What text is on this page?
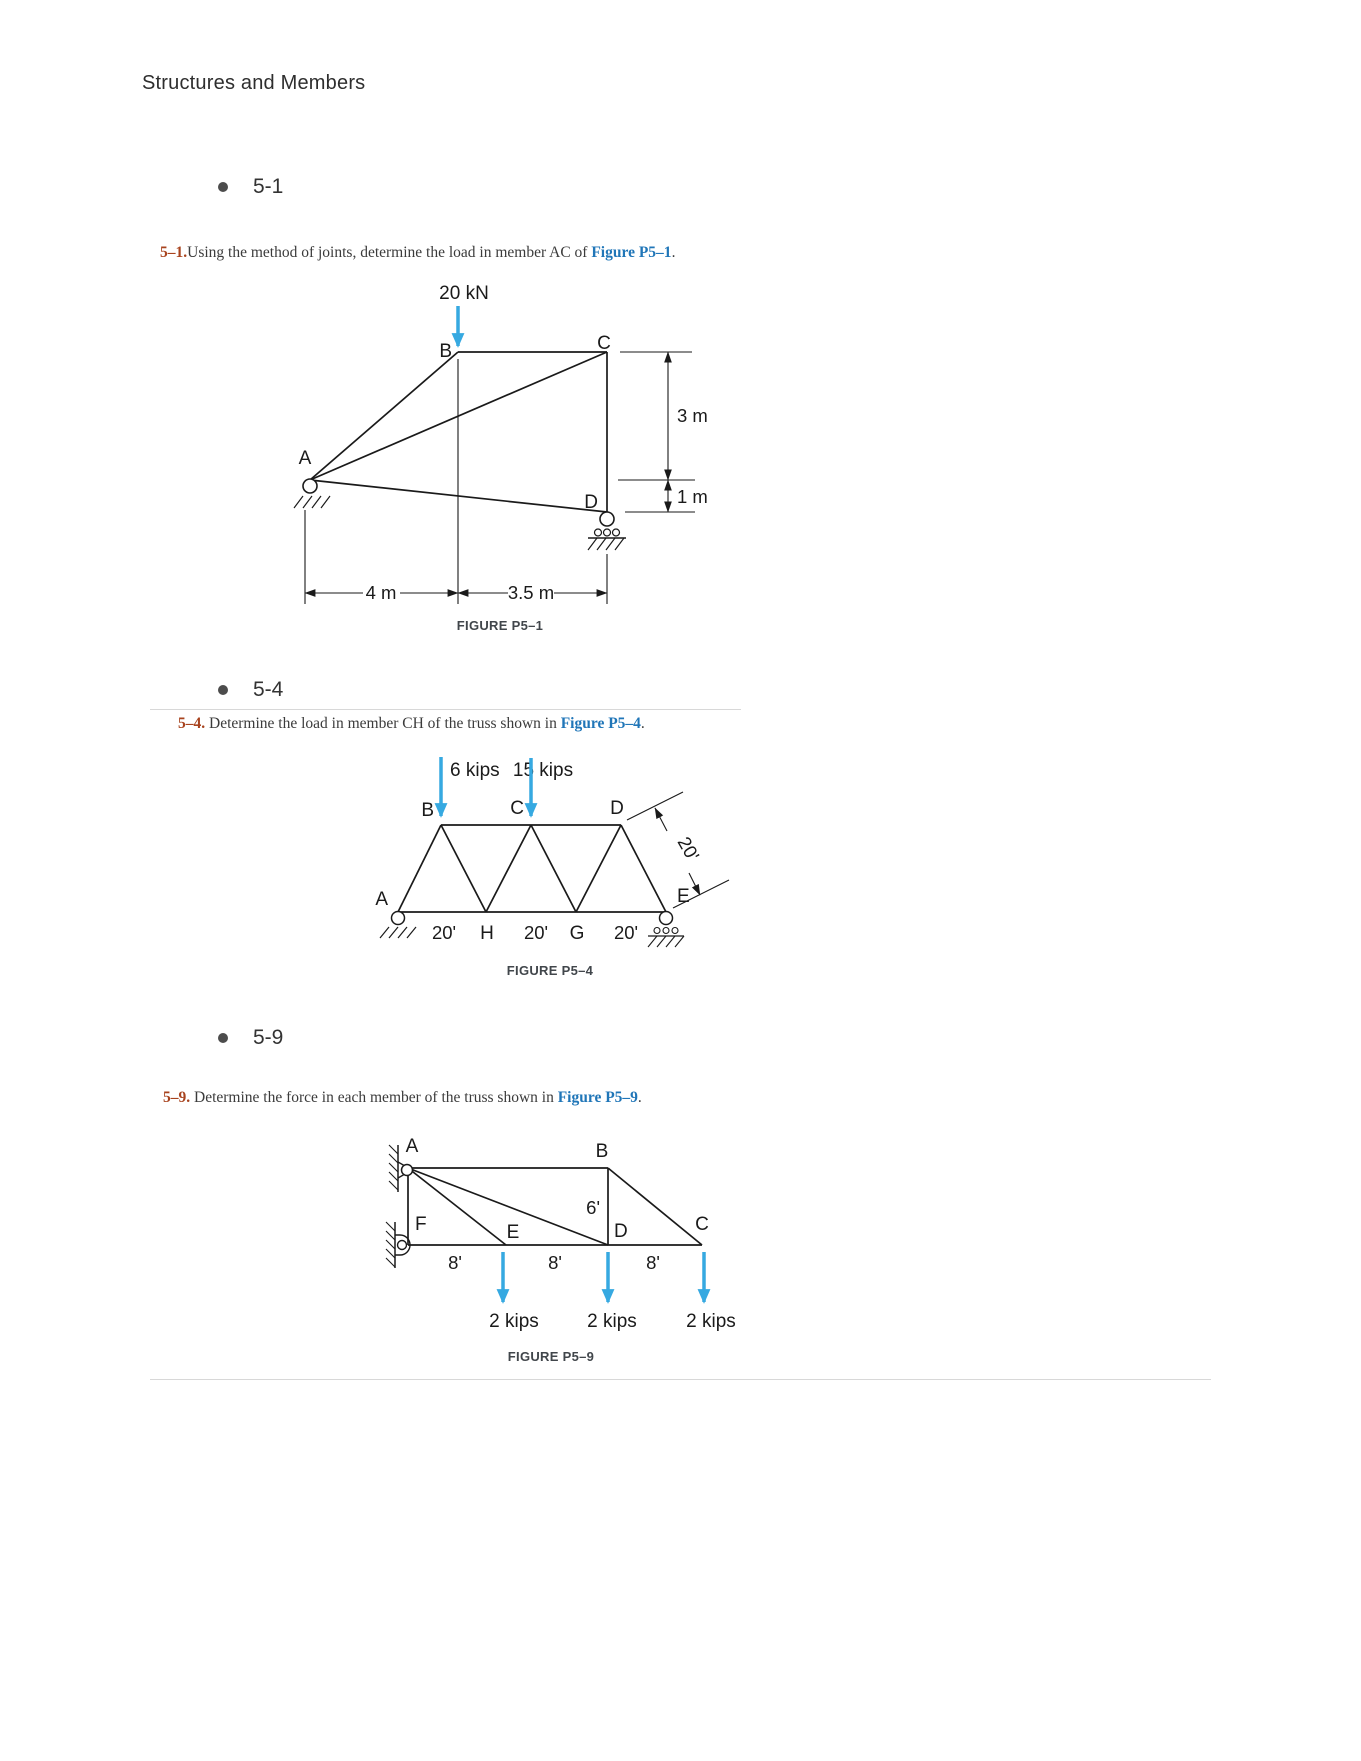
Structures and Members
5-1

5–1.Using the method of joints, determine the load in member AC of Figure P5–1.

20 kN
B	C
A
D
4 m	3.5 m
3 m
1 m
FIGURE P5–1
5-4

5–4. Determine the load in member CH of the truss shown in Figure P5–4.

6 kips 15 kips
20'
B	C	D
A	E
H	G
20'	20'	20'
FIGURE P5–4
5-9

5–9. Determine the force in each member of the truss shown in Figure P5–9.

A	B
F	E	D	C
6'
8'	8'	8'
2 kips	2 kips	2 kips
FIGURE P5–9
